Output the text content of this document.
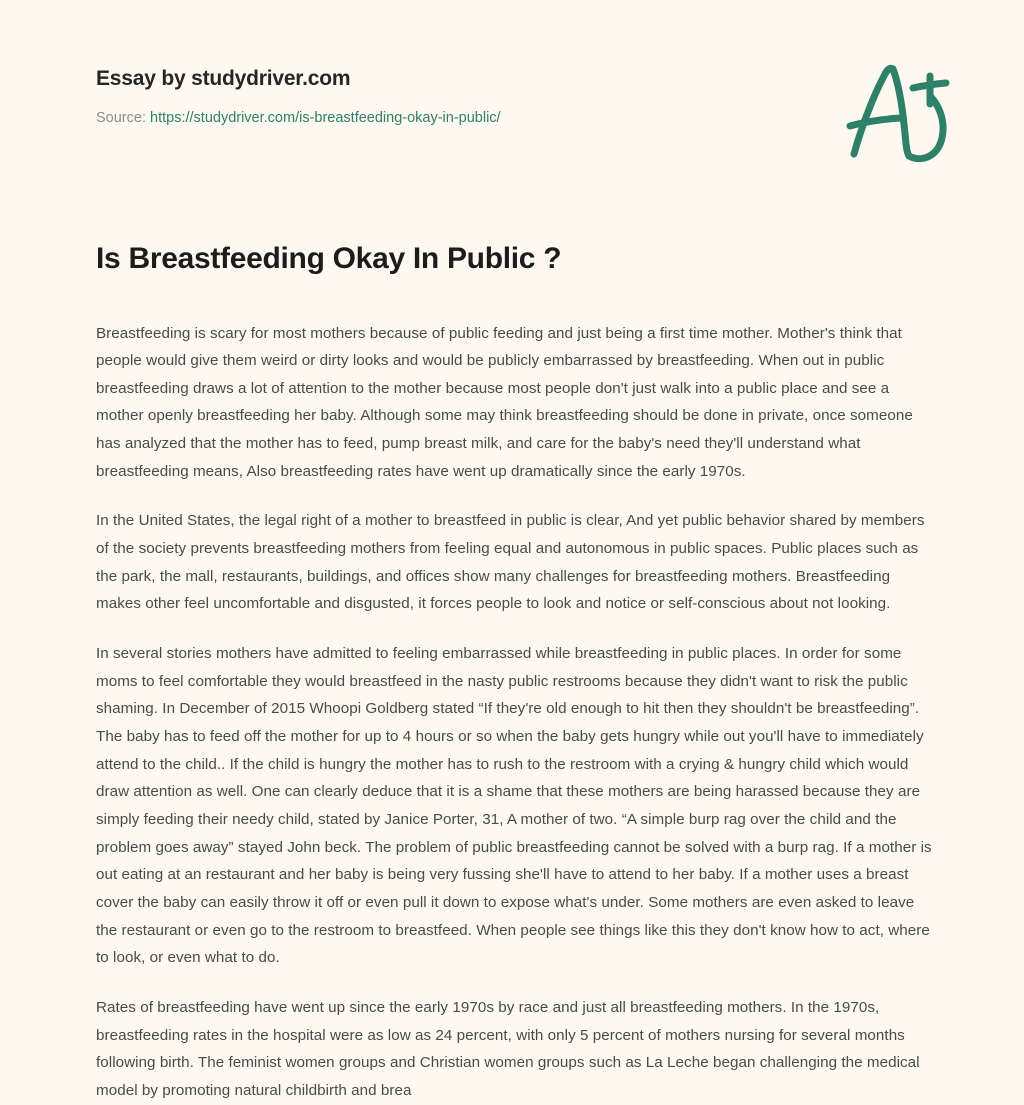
Essay by studydriver.com
Source: https://studydriver.com/is-breastfeeding-okay-in-public/
Is Breastfeeding Okay In Public ?

Breastfeeding is scary for most mothers because of public feeding and just being a first time mother. Mother's think that people would give them weird or dirty looks and would be publicly embarrassed by breastfeeding. When out in public breastfeeding draws a lot of attention to the mother because most people don't just walk into a public place and see a mother openly breastfeeding her baby. Although some may think breastfeeding should be done in private, once someone has analyzed that the mother has to feed, pump breast milk, and care for the baby's need they'll understand what breastfeeding means, Also breastfeeding rates have went up dramatically since the early 1970s.

In the United States, the legal right of a mother to breastfeed in public is clear, And yet public behavior shared by members of the society prevents breastfeeding mothers from feeling equal and autonomous in public spaces. Public places such as the park, the mall, restaurants, buildings, and offices show many challenges for breastfeeding mothers. Breastfeeding makes other feel uncomfortable and disgusted, it forces people to look and notice or self-conscious about not looking.

In several stories mothers have admitted to feeling embarrassed while breastfeeding in public places. In order for some moms to feel comfortable they would breastfeed in the nasty public restrooms because they didn't want to risk the public shaming. In December of 2015 Whoopi Goldberg stated “If they're old enough to hit then they shouldn't be breastfeeding”. The baby has to feed off the mother for up to 4 hours or so when the baby gets hungry while out you'll have to immediately attend to the child.. If the child is hungry the mother has to rush to the restroom with a crying & hungry child which would draw attention as well. One can clearly deduce that it is a shame that these mothers are being harassed because they are simply feeding their needy child, stated by Janice Porter, 31, A mother of two. “A simple burp rag over the child and the problem goes away” stayed John beck. The problem of public breastfeeding cannot be solved with a burp rag. If a mother is out eating at an restaurant and her baby is being very fussing she'll have to attend to her baby. If a mother uses a breast cover the baby can easily throw it off or even pull it down to expose what's under. Some mothers are even asked to leave the restaurant or even go to the restroom to breastfeed. When people see things like this they don't know how to act, where to look, or even what to do.

Rates of breastfeeding have went up since the early 1970s by race and just all breastfeeding mothers. In the 1970s, breastfeeding rates in the hospital were as low as 24 percent, with only 5 percent of mothers nursing for several months following birth. The feminist women groups and Christian women groups such as La Leche began challenging the medical model by promoting natural childbirth and brea
